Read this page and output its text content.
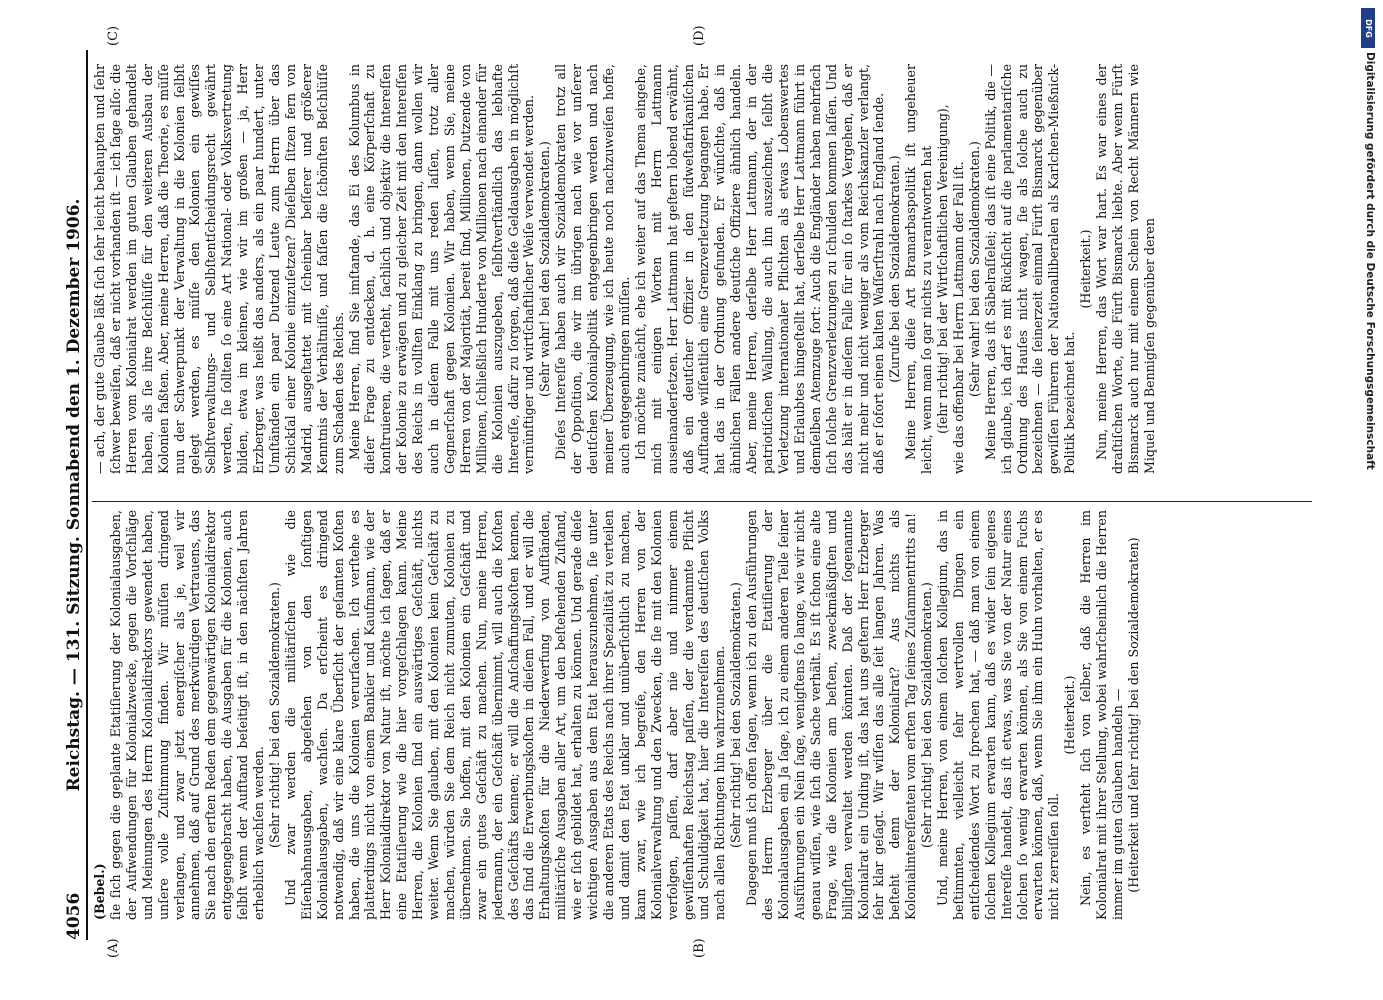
4056
Reichstag. — 131. Sitzung. Sonnabend den 1. Dezember 1906.
(A)	(B)
(C)	(D)

(Bebel.) ſie ſich gegen die geplante Etatiſierung der Kolonialausgaben, der Aufwendungen für Kolonialzwecke, gegen die Vorſchläge und Meinungen des Herrn Kolonialdirektors gewendet haben, unſere volle Zuſtimmung finden. Wir müſſen dringend verlangen, und zwar jetzt energiſcher als je, weil wir annehmen, daß auf Grund des merkwürdigen Vertrauens, das Sie nach den erſten Reden dem gegenwärtigen Kolonialdirektor entgegengebracht haben, die Ausgaben für die Kolonien, auch ſelbſt wenn der Aufſtand beſeitigt iſt, in den nächſten Jahren erheblich wachſen werden. (Sehr richtig! bei den Sozialdemokraten.) Und zwar werden die militäriſchen wie die Eiſenbahnausgaben, abgeſehen von den ſonſtigen Kolonialausgaben, wachſen. Da erſcheint es dringend notwendig, daß wir eine klare Überſicht der geſamten Koſten haben, die uns die Kolonien verurſachen. Ich verſtehe es platterdings nicht von einem Bankier und Kaufmann, wie der Herr Kolonialdirektor von Natur iſt, möchte ich ſagen, daß er eine Etatiſierung wie die hier vorgeſchlagen kann. Meine Herren, die Kolonien ſind ein auswärtiges Geſchäft, nichts weiter. Wenn Sie glauben, mit den Kolonien kein Geſchäft zu machen, würden Sie dem Reich nicht zumuten, Kolonien zu übernehmen. Sie hoffen, mit den Kolonien ein Geſchäft und zwar ein gutes Geſchäft zu machen. Nun, meine Herren, jedermann, der ein Geſchäft übernimmt, will auch die Koſten des Geſchäfts kennen; er will die Anſchaffungskoſten kennen, das ſind die Erwerbungskoſten in dieſem Fall, und er will die Erhaltungskoſten für die Niederwerfung von Aufſtänden, militäriſche Ausgaben aller Art, um den beſtehenden Zuſtand, wie er ſich gebildet hat, erhalten zu können. Und gerade dieſe wichtigen Ausgaben aus dem Etat herauszunehmen, ſie unter die anderen Etats des Reichs nach ihrer Spezialität zu verteilen und damit den Etat unklar und unüberſichtlich zu machen, kann zwar, wie ich begreife, den Herren von der Kolonialverwaltung und den Zwecken, die ſie mit den Kolonien verfolgen, paſſen, darf aber nie und nimmer einem gewiſſenhaften Reichstag paſſen, der die verdammte Pflicht und Schuldigkeit hat, hier die Intereſſen des deutſchen Volks nach allen Richtungen hin wahrzunehmen. (Sehr richtig! bei den Sozialdemokraten.) Dagegen muß ich offen ſagen, wenn ich zu den Ausführungen des Herrn Erzberger über die Etatiſierung der Kolonialausgaben ein Ja ſage, ich zu einem anderen Teile ſeiner Ausführungen ein Nein ſage, wenigſtens ſo lange, wie wir nicht genau wiſſen, wie ſich die Sache verhält. Es iſt ſchon eine alte Frage, wie die Kolonien am beſten, zweckmäßigſten und billigſten verwaltet werden könnten. Daß der ſogenannte Kolonialrat ein Unding iſt, das hat uns geſtern Herr Erzberger ſehr klar geſagt. Wir wiſſen das alle ſeit langen Jahren. Was beſteht denn der Kolonialrat? Aus nichts als Kolonialintereſſenten vom erſten Tag ſeines Zuſammentritts an! (Sehr richtig! bei den Sozialdemokraten.) Und, meine Herren, von einem ſolchen Kollegium, das in beſtimmten, vielleicht ſehr wertvollen Dingen ein entſcheidendes Wort zu ſprechen hat, — daß man von einem ſolchen Kollegium erwarten kann, daß es wider ſein eigenes Intereſſe handelt, das iſt etwas, was Sie von der Natur eines ſolchen ſo wenig erwarten können, als Sie von einem Fuchs erwarten können, daß, wenn Sie ihm ein Huhn vorhalten, er es nicht zerreiſſen ſoll.

(Heiterkeit.) Nein, es verſteht ſich von ſelber, daß die Herren im Kolonialrat mit ihrer Stellung, wobei wahrſcheinlich die Herren immer im guten Glauben handeln — (Heiterkeit und ſehr richtig! bei den Sozialdemokraten)

— ach, der gute Glaube läßt ſich ſehr leicht behaupten und ſehr ſchwer beweiſen, daß er nicht vorhanden iſt — ich ſage alſo: die Herren vom Kolonialrat werden im guten Glauben gehandelt haben, als ſie ihre Beſchlüſſe für den weiteren Ausbau der Kolonien faßten. Aber, meine Herren, daß die Theorie, es müſſe nun der Schwerpunkt der Verwaltung in die Kolonien ſelbſt gelegt werden, es müſſe den Kolonien ein gewiſſes Selbſtverwaltungs- und Selbſtentſcheidungsrecht gewährt werden, ſie ſollten ſo eine Art National- oder Volksvertretung bilden, etwa im kleinen, wie wir im großen — ja, Herr Erzberger, was heißt das anders, als ein paar hundert, unter Umſtänden ein paar Dutzend Leute zum Herrn über das Schickſal einer Kolonie einzuſetzen? Dieſelben ſitzen fern von Madrid, ausgeſtattet mit ſcheinbar beſſerer und größerer Kenntnis der Verhältniſſe, und faſſen die ſchönſten Beſchlüſſe zum Schaden des Reichs. Meine Herren, ſind Sie imſtande, das Ei des Kolumbus in dieſer Frage zu entdecken, d. h. eine Körperſchaft zu konſtruieren, die verſteht, ſachlich und objektiv die Intereſſen der Kolonie zu erwägen und zu gleicher Zeit mit den Intereſſen des Reichs in vollſten Einklang zu bringen, dann wollen wir auch in dieſem Falle mit uns reden laſſen, trotz aller Gegnerſchaft gegen Kolonien. Wir haben, wenn Sie, meine Herren von der Majorität, bereit ſind, Millionen, Dutzende von Millionen, ſchließlich Hunderte von Millionen nach einander für die Kolonien auszugeben, ſelbſtverſtändlich das lebhafte Intereſſe, dafür zu ſorgen, daß dieſe Geldausgaben in möglichſt vernünftiger und wirtſchaftlicher Weiſe verwendet werden. (Sehr wahr! bei den Sozialdemokraten.) Dieſes Intereſſe haben auch wir Sozialdemokraten trotz all der Oppoſition, die wir im übrigen nach wie vor unſerer deutſchen Kolonialpolitik entgegenbringen werden und nach meiner Überzeugung, wie ich heute noch nachzuweiſen hoffe, auch entgegenbringen müſſen. Ich möchte zunächſt, ehe ich weiter auf das Thema eingehe, mich mit einigen Worten mit Herrn Lattmann auseinanderſetzen. Herr Lattmann hat geſtern lobend erwähnt, daß ein deutſcher Offizier in den ſüdweſtafrikaniſchen Aufſtande wiſſentlich eine Grenzverletzung begangen habe. Er hat das in der Ordnung gefunden. Er wünſchte, daß in ähnlichen Fällen andere deutſche Offiziere ähnlich handeln. Aber, meine Herren, derſelbe Herr Lattmann, der in der patriotiſchen Wallung, die auch ihn auszeichnet, ſelbſt die Verletzung internationaler Pflichten als etwas Lobenswertes und Erlaubtes hingeſtellt hat, derſelbe Herr Lattmann führt in demſelben Atemzuge fort: Auch die Engländer haben mehrfach ſich ſolche Grenzverletzungen zu ſchulden kommen laſſen. Und das hält er in dieſem Falle für ein ſo ſtarkes Vergehen, daß er nicht mehr und nicht weniger als vom Reichskanzler verlangt, daß er ſofort einen kalten Waſſerſtrahl nach England ſende. (Zurufe bei den Sozialdemokraten.) Meine Herren, dieſe Art Bramarbaspolitik iſt ungeheuer leicht, wenn man ſo gar nichts zu verantworten hat (ſehr richtig! bei der Wirtſchaftlichen Vereinigung), wie das offenbar bei Herrn Lattmann der Fall iſt. (Sehr wahr! bei den Sozialdemokraten.) Meine Herren, das iſt Säbelraſſelei; das iſt eine Politik, die — ich glaube, ich darf es mit Rückſicht auf die parlamentariſche Ordnung des Hauſes nicht wagen, ſie als ſolche auch zu bezeichnen — die ſeinerzeit einmal Fürſt Bismarck gegenüber gewiſſen Führern der Nationalliberalen als Karlchen-Mießnick-Politik bezeichnet hat.

(Heiterkeit.) Nun, meine Herren, das Wort war hart. Es war eines der draſtiſchen Worte, die Fürſt Bismarck liebte. Aber wenn Fürſt Bismarck auch nur mit einem Schein von Recht Männern wie Miquel und Bennigſen gegenüber deren

DFG
Digitalisierung gefördert durch die Deutsche Forschungsgemeinschaft
